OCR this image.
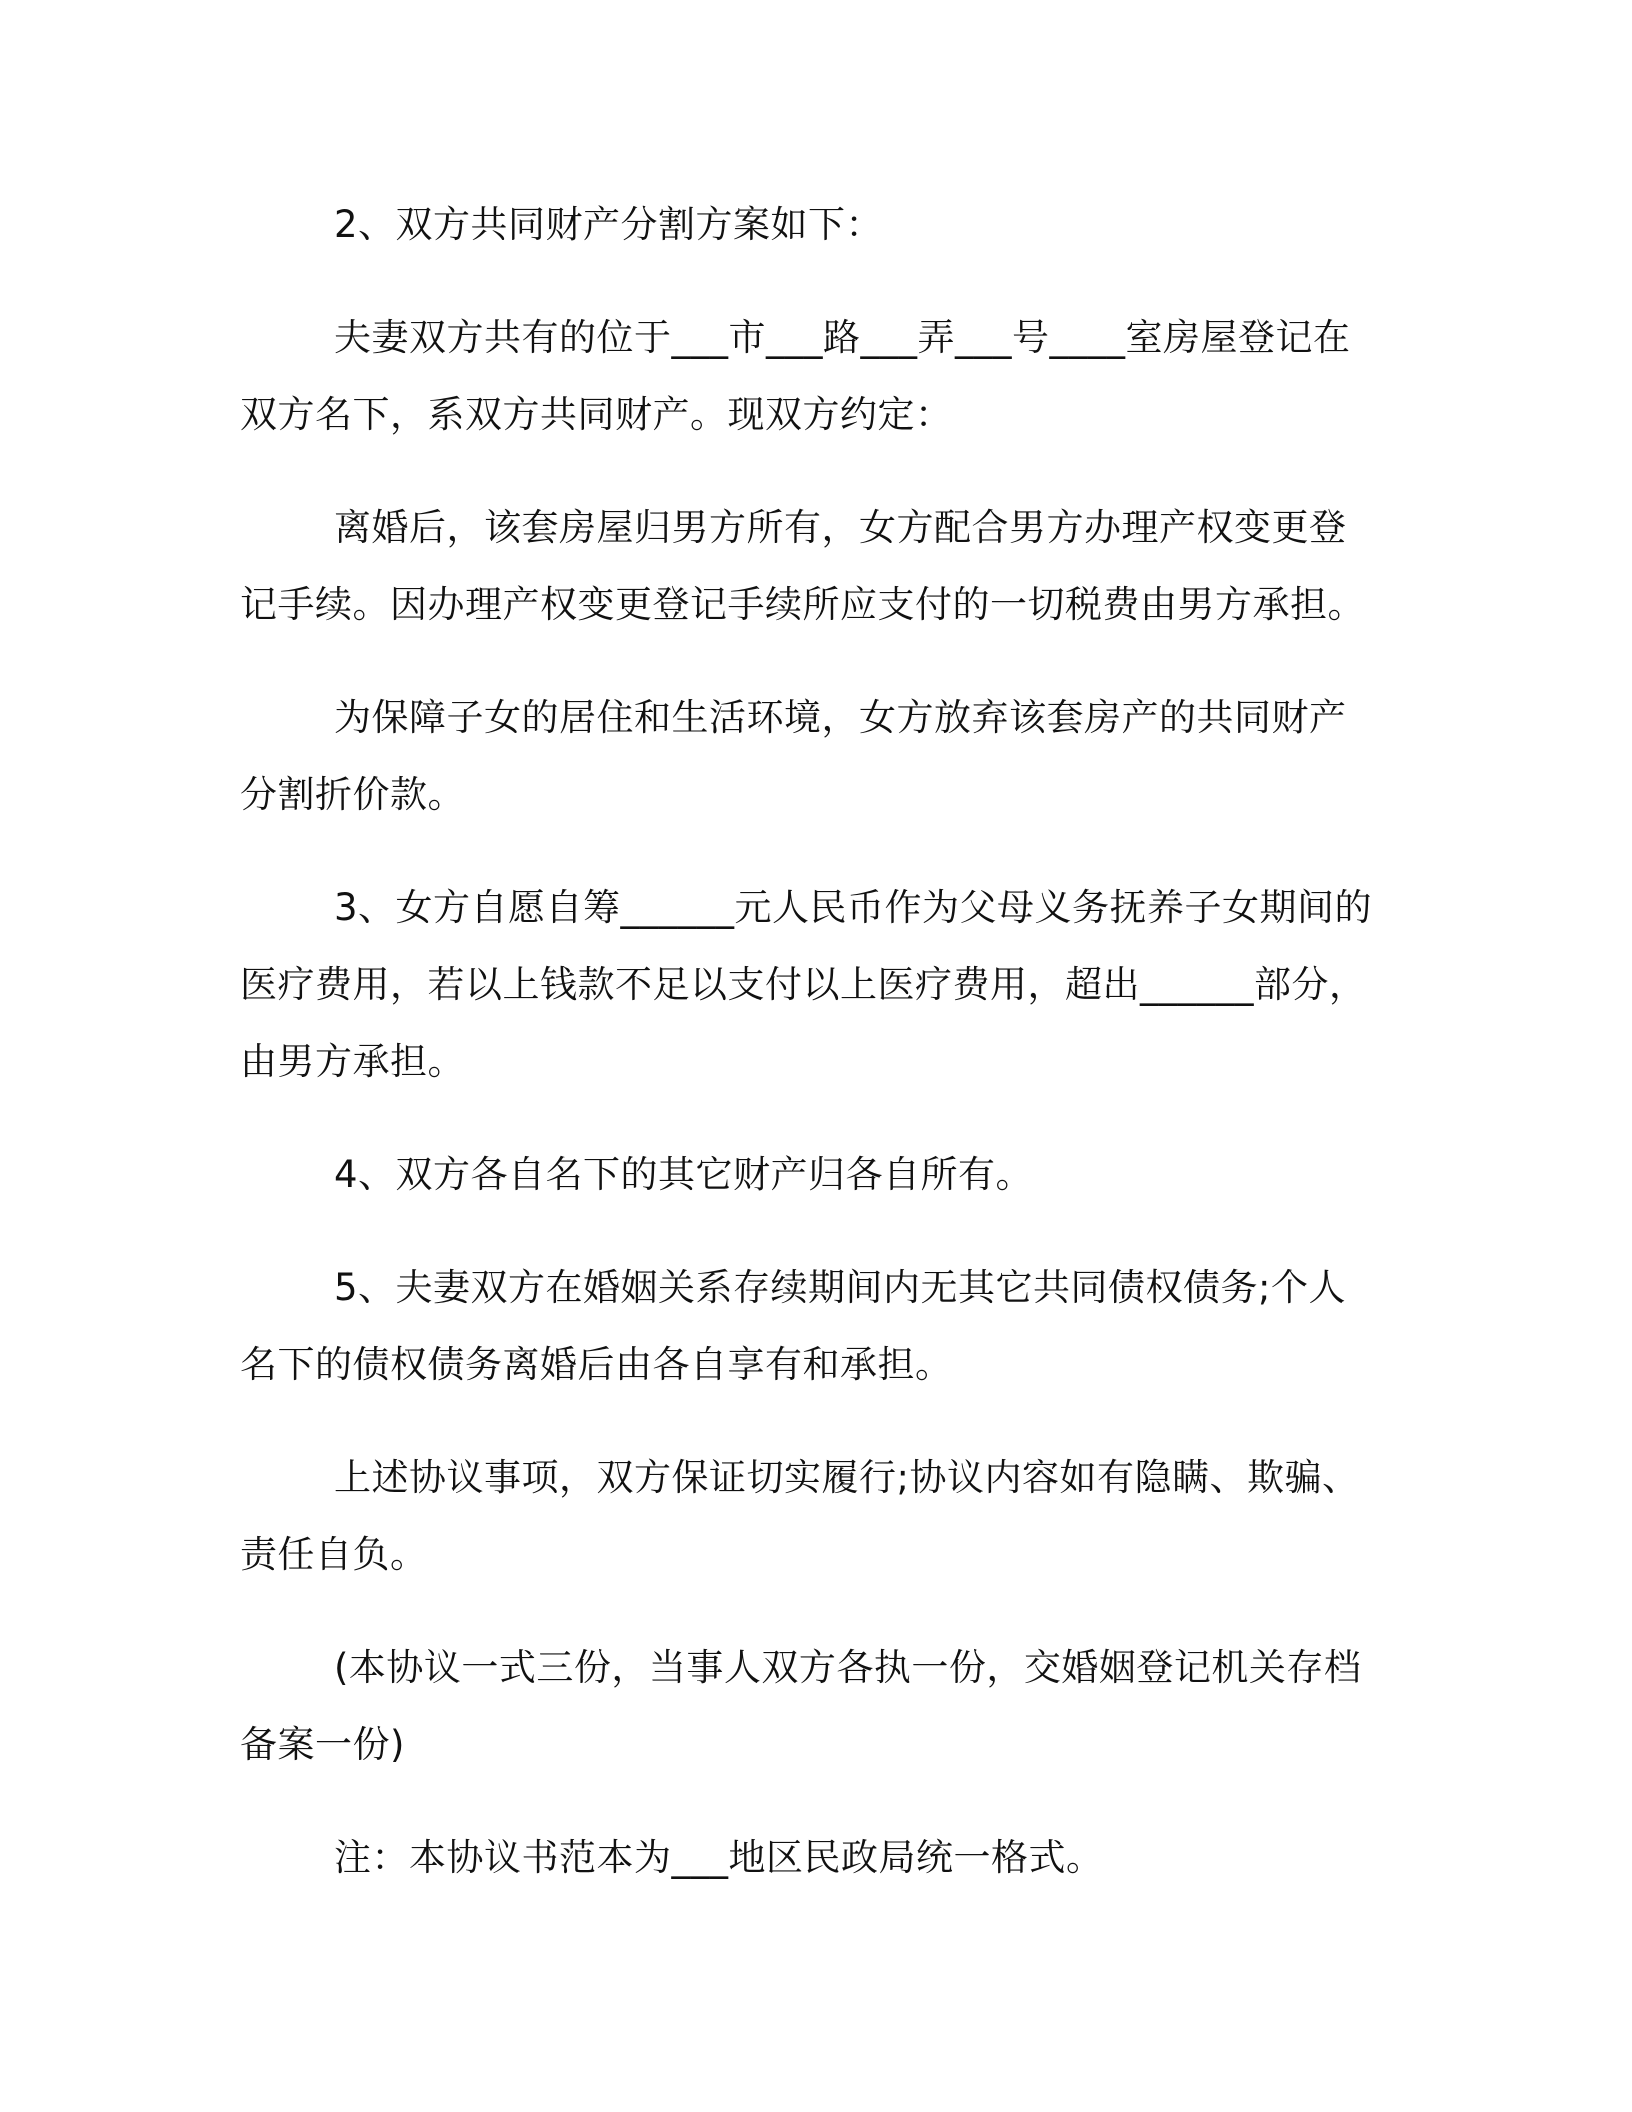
2、双方共同财产分割方案如下：

夫妻双方共有的位于___市___路___弄___号____室房屋登记在双方名下，系双方共同财产。现双方约定：

离婚后，该套房屋归男方所有，女方配合男方办理产权变更登记手续。因办理产权变更登记手续所应支付的一切税费由男方承担。

为保障子女的居住和生活环境，女方放弃该套房产的共同财产分割折价款。

3、女方自愿自筹______元人民币作为父母义务抚养子女期间的医疗费用，若以上钱款不足以支付以上医疗费用，超出______部分，由男方承担。

4、双方各自名下的其它财产归各自所有。

5、夫妻双方在婚姻关系存续期间内无其它共同债权债务;个人名下的债权债务离婚后由各自享有和承担。

上述协议事项，双方保证切实履行;协议内容如有隐瞒、欺骗、责任自负。

(本协议一式三份，当事人双方各执一份，交婚姻登记机关存档备案一份)

注：本协议书范本为___地区民政局统一格式。
